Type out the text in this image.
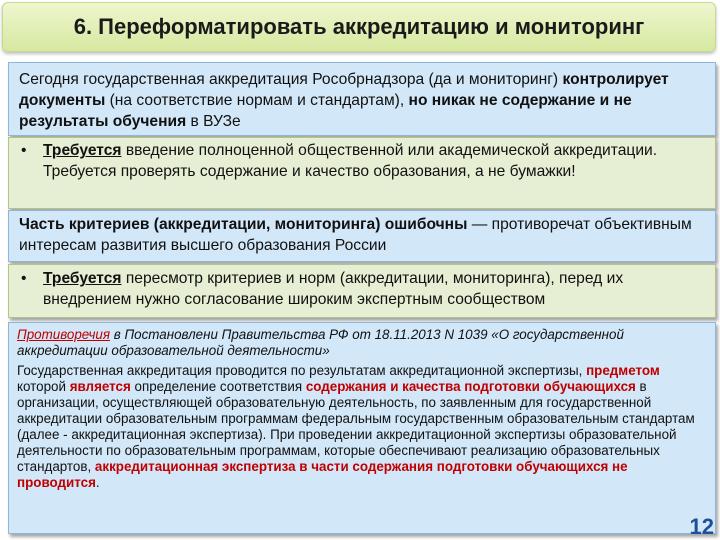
6. Переформатировать аккредитацию и мониторинг
Сегодня государственная аккредитация Рособрнадзора (да и мониторинг) контролирует документы (на соответствие нормам и стандартам), но никак не содержание и не результаты обучения в ВУЗе
•	Требуется введение полноценной общественной или академической аккредитации. Требуется проверять содержание и качество образования, а не бумажки!
Часть критериев (аккредитации, мониторинга) ошибочны — противоречат объективным интересам развития высшего образования России
•	Требуется пересмотр критериев и норм (аккредитации, мониторинга), перед их внедрением нужно согласование широким экспертным сообществом
Противоречия в Постановлени Правительства РФ от 18.11.2013 N 1039 «О государственной аккредитации образовательной деятельности»
Государственная аккредитация проводится по результатам аккредитационной экспертизы, предметом которой является определение соответствия содержания и качества подготовки обучающихся в организации, осуществляющей образовательную деятельность, по заявленным для государственной аккредитации образовательным программам федеральным государственным образовательным стандартам (далее - аккредитационная экспертиза). При проведении аккредитационной экспертизы образовательной деятельности по образовательным программам, которые обеспечивают реализацию образовательных стандартов, аккредитационная экспертиза в части содержания подготовки обучающихся не проводится.
12
